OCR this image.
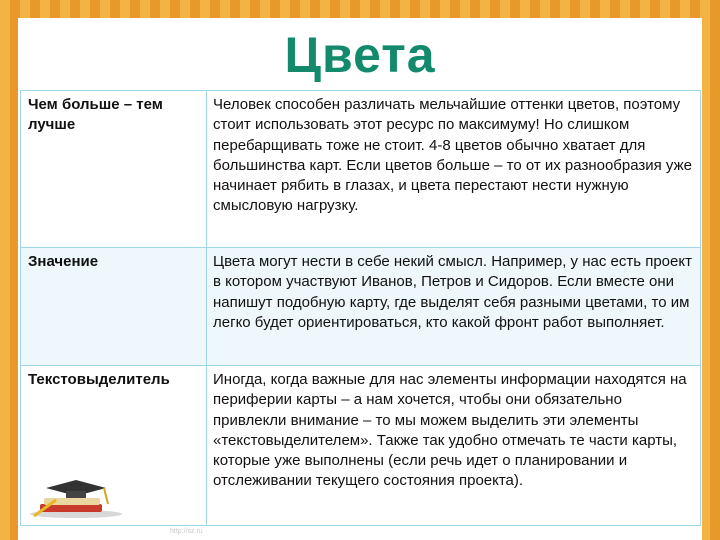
Цвета
Чем больше – тем лучше	Человек способен различать мельчайшие оттенки цветов, поэтому стоит использовать этот ресурс по максимуму! Но слишком перебарщивать тоже не стоит. 4-8 цветов обычно хватает для большинства карт. Если цветов больше – то от их разнообразия уже начинает рябить в глазах, и цвета перестают нести нужную смысловую нагрузку.
Значение	Цвета могут нести в себе некий смысл. Например, у нас есть проект в котором участвуют Иванов, Петров и Сидоров. Если вместе они напишут подобную карту, где выделят себя разными цветами, то им легко будет ориентироваться, кто какой фронт работ выполняет.
Текстовыделитель	Иногда, когда важные для нас элементы информации находятся на периферии карты – а нам хочется, чтобы они обязательно привлекли внимание – то мы можем выделить эти элементы «текстовыделителем». Также так удобно отмечать те части карты, которые уже выполнены (если речь идет о планировании и отслеживании текущего состояния проекта).
http://sz.ru
